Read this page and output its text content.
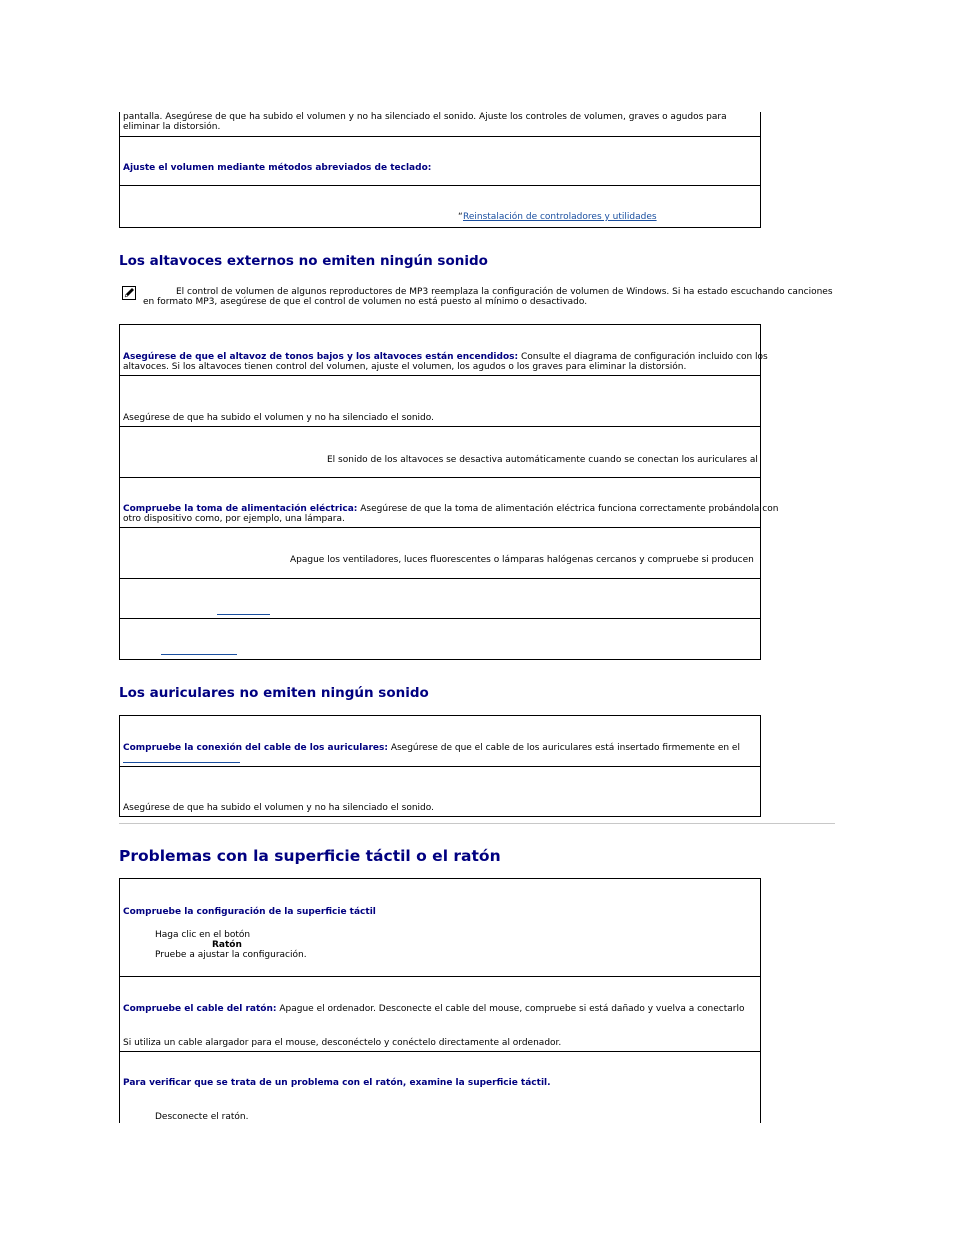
pantalla. Asegúrese de que ha subido el volumen y no ha silenciado el sonido. Ajuste los controles de volumen, graves o agudos para
eliminar la distorsión.
Ajuste el volumen mediante métodos abreviados de teclado:
“ Reinstalación de controladores y utilidades
Los altavoces externos no emiten ningún sonido
El control de volumen de algunos reproductores de MP3 reemplaza la configuración de volumen de Windows. Si ha estado escuchando canciones
en formato MP3, asegúrese de que el control de volumen no está puesto al mínimo o desactivado.
Asegúrese de que el altavoz de tonos bajos y los altavoces están encendidos: Consulte el diagrama de configuración incluido con los
altavoces. Si los altavoces tienen control del volumen, ajuste el volumen, los agudos o los graves para eliminar la distorsión.
Asegúrese de que ha subido el volumen y no ha silenciado el sonido.
El sonido de los altavoces se desactiva automáticamente cuando se conectan los auriculares al
Compruebe la toma de alimentación eléctrica: Asegúrese de que la toma de alimentación eléctrica funciona correctamente probándola con
otro dispositivo como, por ejemplo, una lámpara.
Apague los ventiladores, luces fluorescentes o lámparas halógenas cercanos y compruebe si producen
Los auriculares no emiten ningún sonido
Compruebe la conexión del cable de los auriculares: Asegúrese de que el cable de los auriculares está insertado firmemente en el
Asegúrese de que ha subido el volumen y no ha silenciado el sonido.
Problemas con la superficie táctil o el ratón
Compruebe la configuración de la superficie táctil
Haga clic en el botón
Ratón
Pruebe a ajustar la configuración.
Compruebe el cable del ratón: Apague el ordenador. Desconecte el cable del mouse, compruebe si está dañado y vuelva a conectarlo
Si utiliza un cable alargador para el mouse, desconéctelo y conéctelo directamente al ordenador.
Para verificar que se trata de un problema con el ratón, examine la superficie táctil.
Desconecte el ratón.
